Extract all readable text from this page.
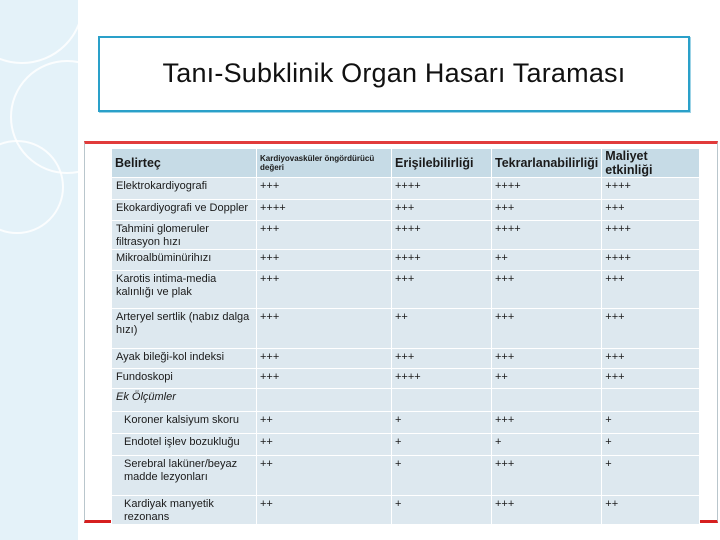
Tanı-Subklinik Organ Hasarı Taraması
Belirteç	Kardiyovasküler öngördürücü değeri	Erişilebilirliği	Tekrarlanabilirliği	Maliyet etkinliği

Elektrokardiyografi	+++	++++	++++	++++

Ekokardiyografi ve Doppler	++++	+++	+++	+++

Tahmini glomeruler filtrasyon hızı	+++	++++	++++	++++

Mikroalbüminürihızı	+++	++++	++	++++

Karotis intima-media kalınlığı ve plak	+++	+++	+++	+++

Arteryel sertlik (nabız dalga hızı)	+++	++	+++	+++

Ayak bileği-kol indeksi	+++	+++	+++	+++

Fundoskopi	+++	++++	++	+++

Ek Ölçümler				

Koroner kalsiyum skoru	++	+	+++	+

Endotel işlev bozukluğu	++	+	+	+

Serebral laküner/beyaz madde lezyonları	++	+	+++	+

Kardiyak manyetik rezonans	++	+	+++	++
